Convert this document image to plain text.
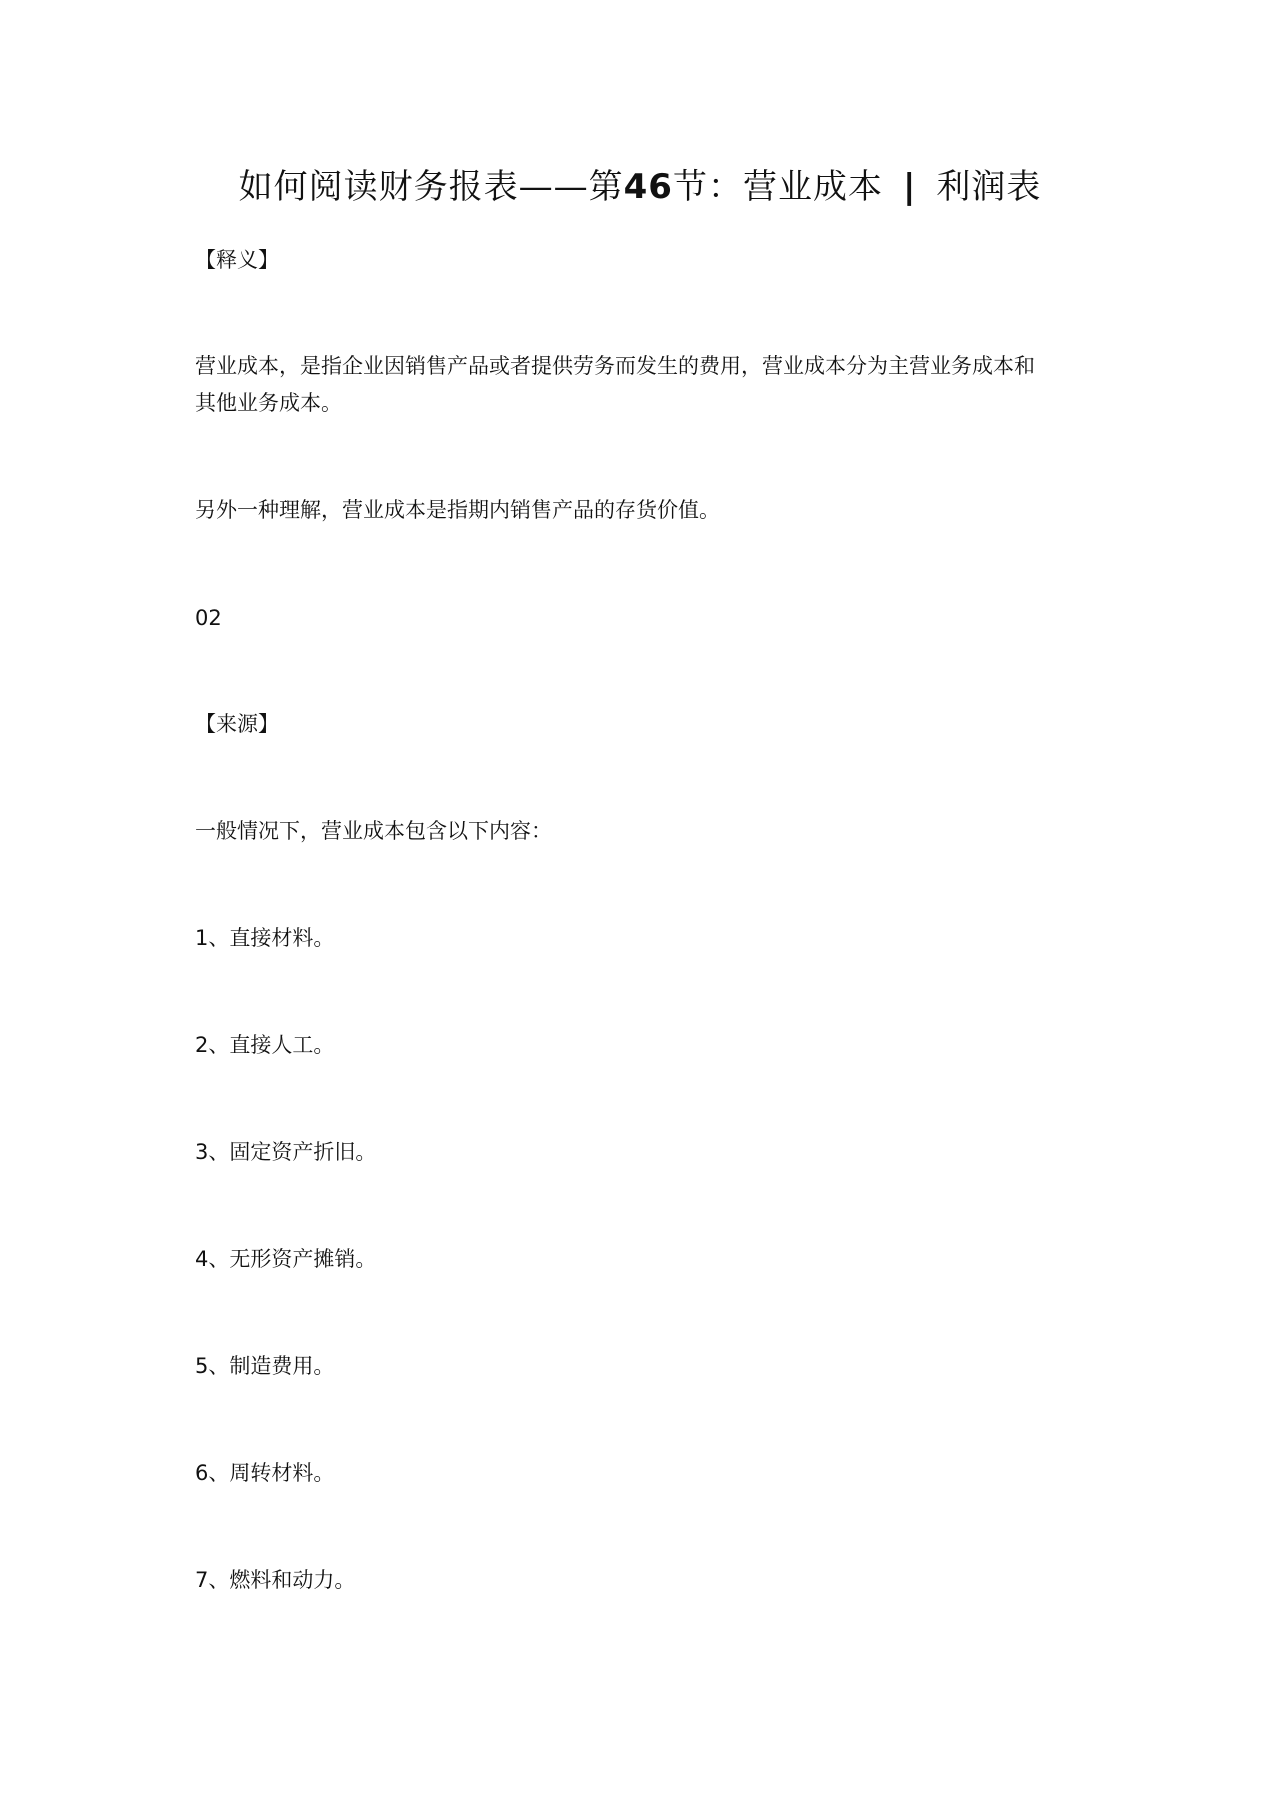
如何阅读财务报表——第46节：营业成本 | 利润表
【释义】
营业成本，是指企业因销售产品或者提供劳务而发生的费用，营业成本分为主营业务成本和
其他业务成本。
另外一种理解，营业成本是指期内销售产品的存货价值。
02
【来源】
一般情况下，营业成本包含以下内容：
1、直接材料。
2、直接人工。
3、固定资产折旧。
4、无形资产摊销。
5、制造费用。
6、周转材料。
7、燃料和动力。
